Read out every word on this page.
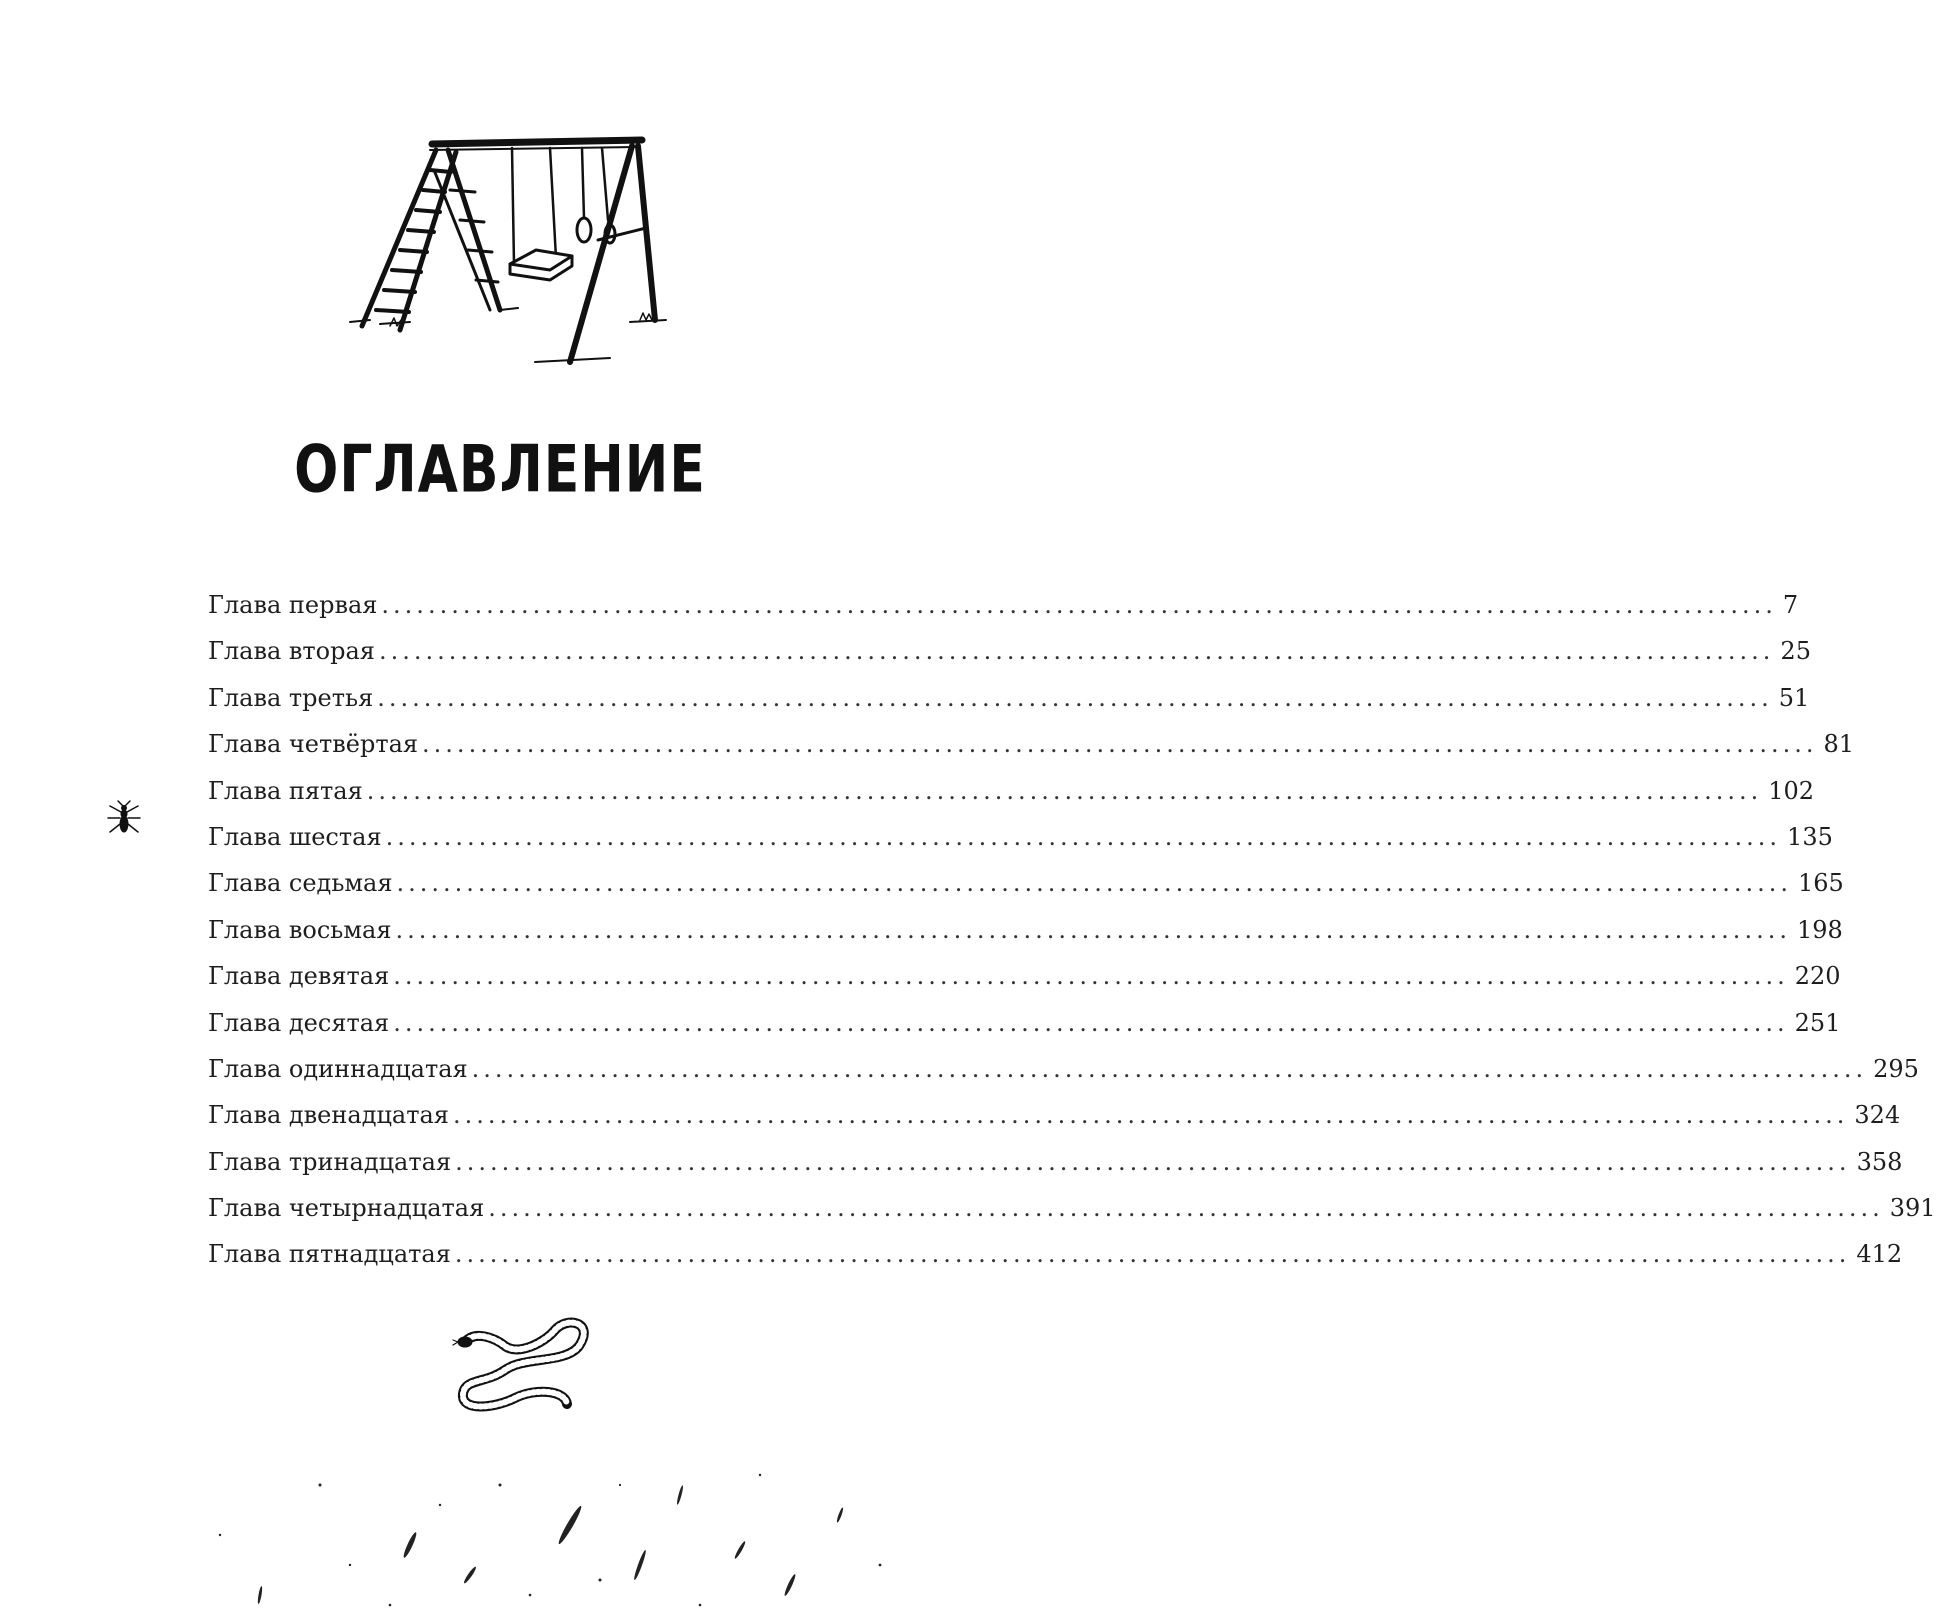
ОГЛАВЛЕНИЕ
Глава первая ........................................................................................................................ 7
Глава вторая ........................................................................................................................ 25
Глава третья ........................................................................................................................ 51
Глава четвёртая ........................................................................................................................ 81
Глава пятая ........................................................................................................................ 102
Глава шестая ........................................................................................................................ 135
Глава седьмая ........................................................................................................................ 165
Глава восьмая ........................................................................................................................ 198
Глава девятая ........................................................................................................................ 220
Глава десятая ........................................................................................................................ 251
Глава одиннадцатая ........................................................................................................................ 295
Глава двенадцатая ........................................................................................................................ 324
Глава тринадцатая ........................................................................................................................ 358
Глава четырнадцатая ........................................................................................................................ 391
Глава пятнадцатая ........................................................................................................................ 412
